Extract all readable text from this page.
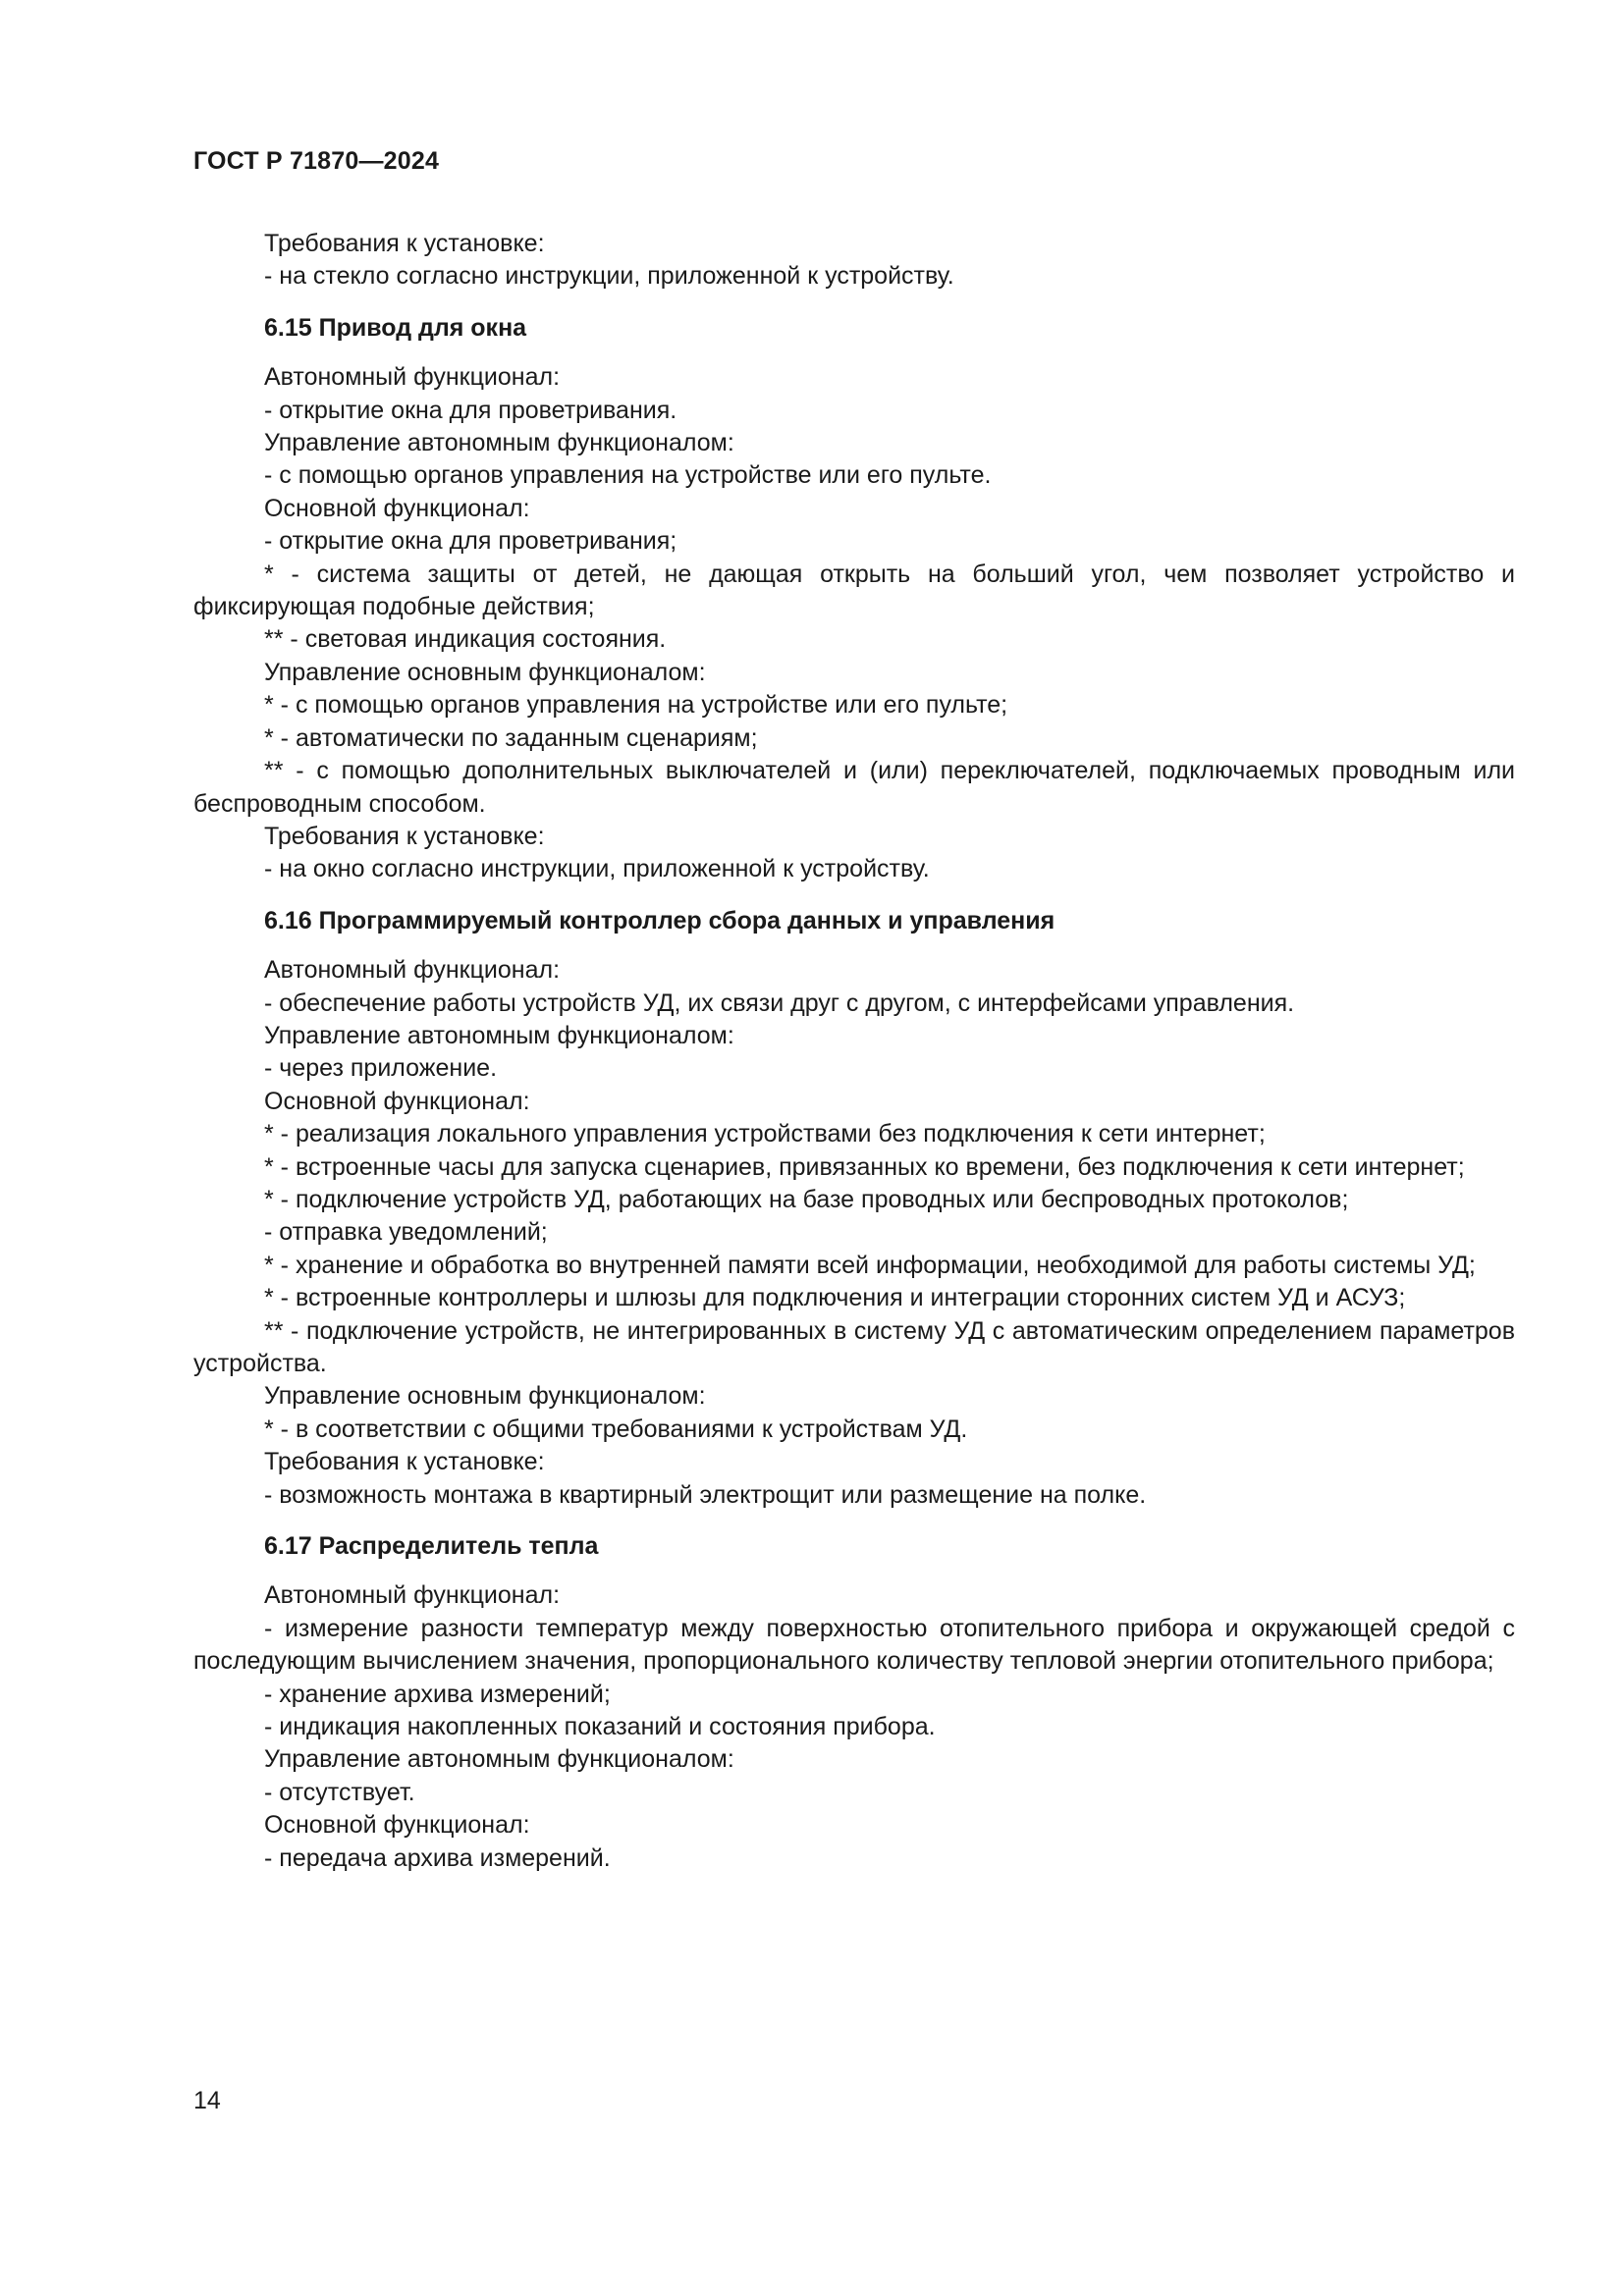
ГОСТ Р 71870—2024
Требования к установке:
- на стекло согласно инструкции, приложенной к устройству.
6.15 Привод для окна
Автономный функционал:
- открытие окна для проветривания.
Управление автономным функционалом:
- с помощью органов управления на устройстве или его пульте.
Основной функционал:
- открытие окна для проветривания;
* - система защиты от детей, не дающая открыть на больший угол, чем позволяет устройство и фиксирующая подобные действия;
** - световая индикация состояния.
Управление основным функционалом:
* - с помощью органов управления на устройстве или его пульте;
* - автоматически по заданным сценариям;
** - с помощью дополнительных выключателей и (или) переключателей, подключаемых проводным или беспроводным способом.
Требования к установке:
- на окно согласно инструкции, приложенной к устройству.
6.16 Программируемый контроллер сбора данных и управления
Автономный функционал:
- обеспечение работы устройств УД, их связи друг с другом, с интерфейсами управления.
Управление автономным функционалом:
- через приложение.
Основной функционал:
* - реализация локального управления устройствами без подключения к сети интернет;
* - встроенные часы для запуска сценариев, привязанных ко времени, без подключения к сети интернет;
* - подключение устройств УД, работающих на базе проводных или беспроводных протоколов;
- отправка уведомлений;
* - хранение и обработка во внутренней памяти всей информации, необходимой для работы системы УД;
* - встроенные контроллеры и шлюзы для подключения и интеграции сторонних систем УД и АСУЗ;
** - подключение устройств, не интегрированных в систему УД с автоматическим определением параметров устройства.
Управление основным функционалом:
* - в соответствии с общими требованиями к устройствам УД.
Требования к установке:
- возможность монтажа в квартирный электрощит или размещение на полке.
6.17 Распределитель тепла
Автономный функционал:
- измерение разности температур между поверхностью отопительного прибора и окружающей средой с последующим вычислением значения, пропорционального количеству тепловой энергии отопительного прибора;
- хранение архива измерений;
- индикация накопленных показаний и состояния прибора.
Управление автономным функционалом:
- отсутствует.
Основной функционал:
- передача архива измерений.
14
